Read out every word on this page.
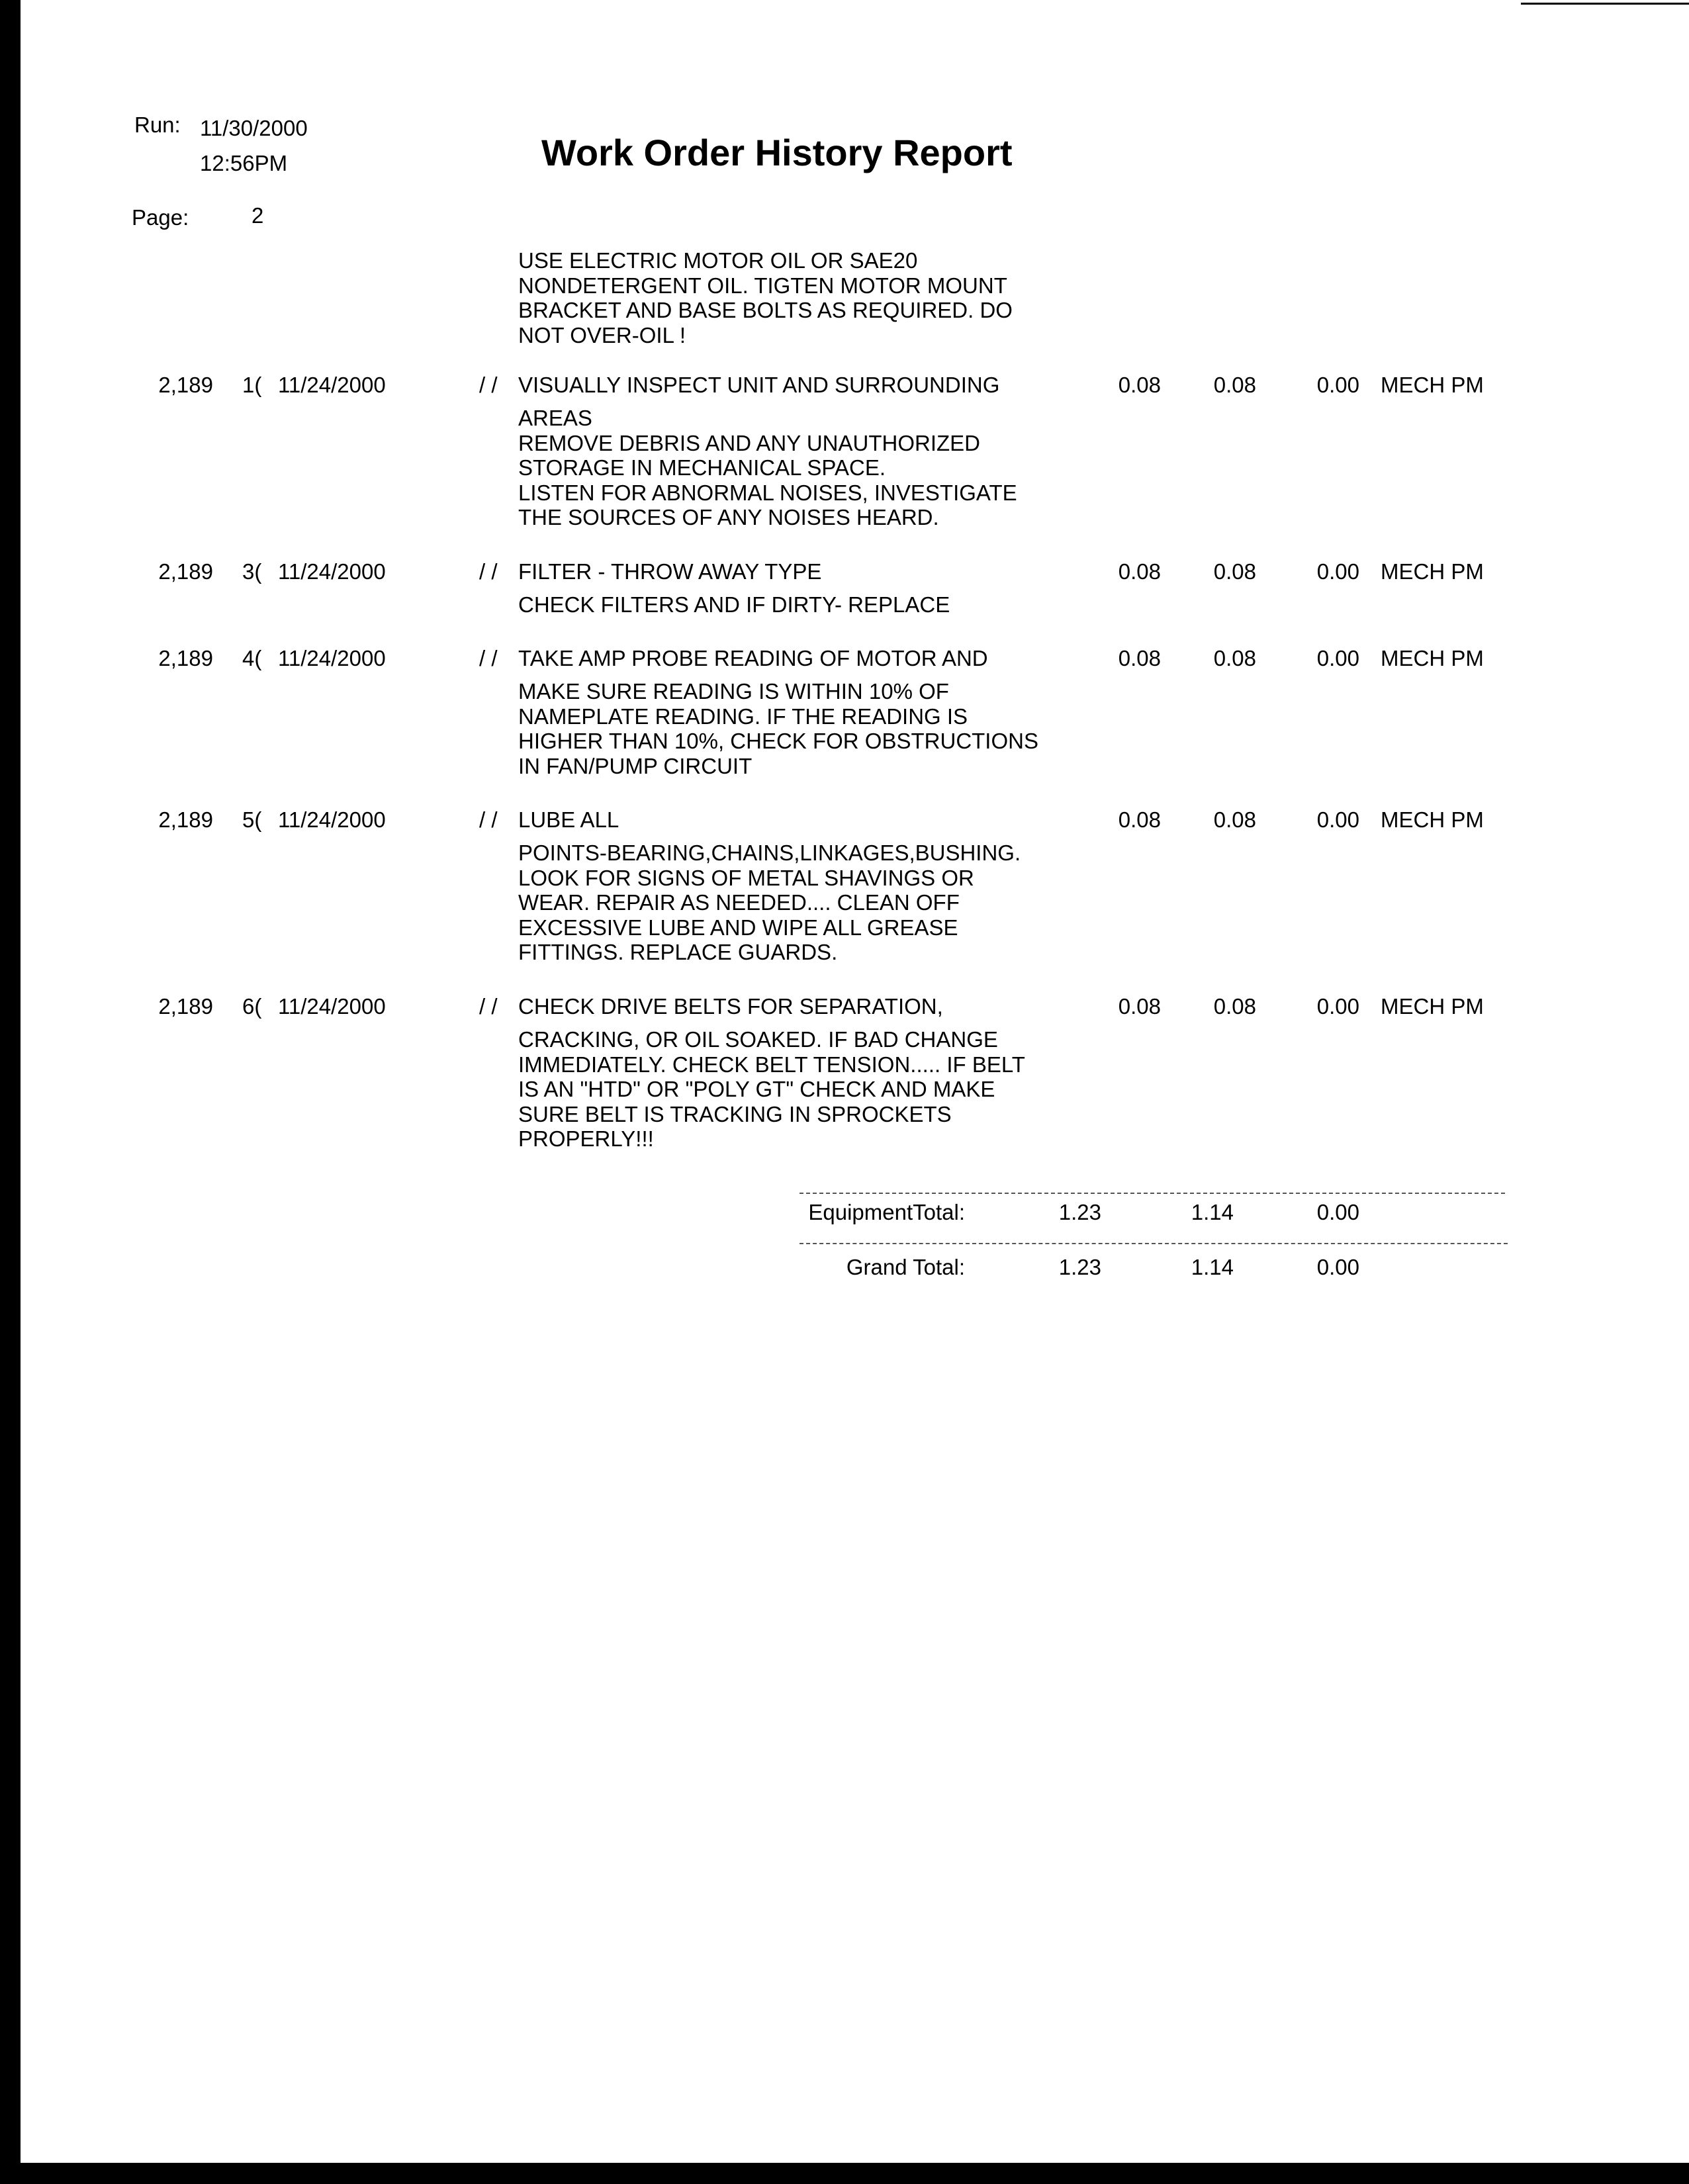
Run: 11/30/2000
12:56PM
Page:	2
Work Order History Report
USE ELECTRIC MOTOR OIL OR SAE20
NONDETERGENT OIL. TIGTEN MOTOR MOUNT
BRACKET AND BASE BOLTS AS REQUIRED. DO
NOT OVER-OIL !
2,189 1( 11/24/2000	/ / VISUALLY INSPECT UNIT AND SURROUNDING	0.08	0.08	0.00 MECH PM
AREAS
REMOVE DEBRIS AND ANY UNAUTHORIZED
STORAGE IN MECHANICAL SPACE.
LISTEN FOR ABNORMAL NOISES, INVESTIGATE
THE SOURCES OF ANY NOISES HEARD.
2,189 3( 11/24/2000	/ / FILTER - THROW AWAY TYPE	0.08	0.08	0.00 MECH PM
CHECK FILTERS AND IF DIRTY- REPLACE
2,189 4( 11/24/2000	/ / TAKE AMP PROBE READING OF MOTOR AND	0.08	0.08	0.00 MECH PM
MAKE SURE READING IS WITHIN 10% OF
NAMEPLATE READING. IF THE READING IS
HIGHER THAN 10%, CHECK FOR OBSTRUCTIONS
IN FAN/PUMP CIRCUIT
2,189 5( 11/24/2000	/ / LUBE ALL	0.08	0.08	0.00 MECH PM
POINTS-BEARING,CHAINS,LINKAGES,BUSHING.
LOOK FOR SIGNS OF METAL SHAVINGS OR
WEAR. REPAIR AS NEEDED.... CLEAN OFF
EXCESSIVE LUBE AND WIPE ALL GREASE
FITTINGS. REPLACE GUARDS.
2,189 6( 11/24/2000	/ / CHECK DRIVE BELTS FOR SEPARATION,	0.08	0.08	0.00 MECH PM
CRACKING, OR OIL SOAKED. IF BAD CHANGE
IMMEDIATELY. CHECK BELT TENSION..... IF BELT
IS AN "HTD" OR "POLY GT" CHECK AND MAKE
SURE BELT IS TRACKING IN SPROCKETS
PROPERLY!!!
EquipmentTotal:	1.23	1.14	0.00
Grand Total:	1.23	1.14	0.00
